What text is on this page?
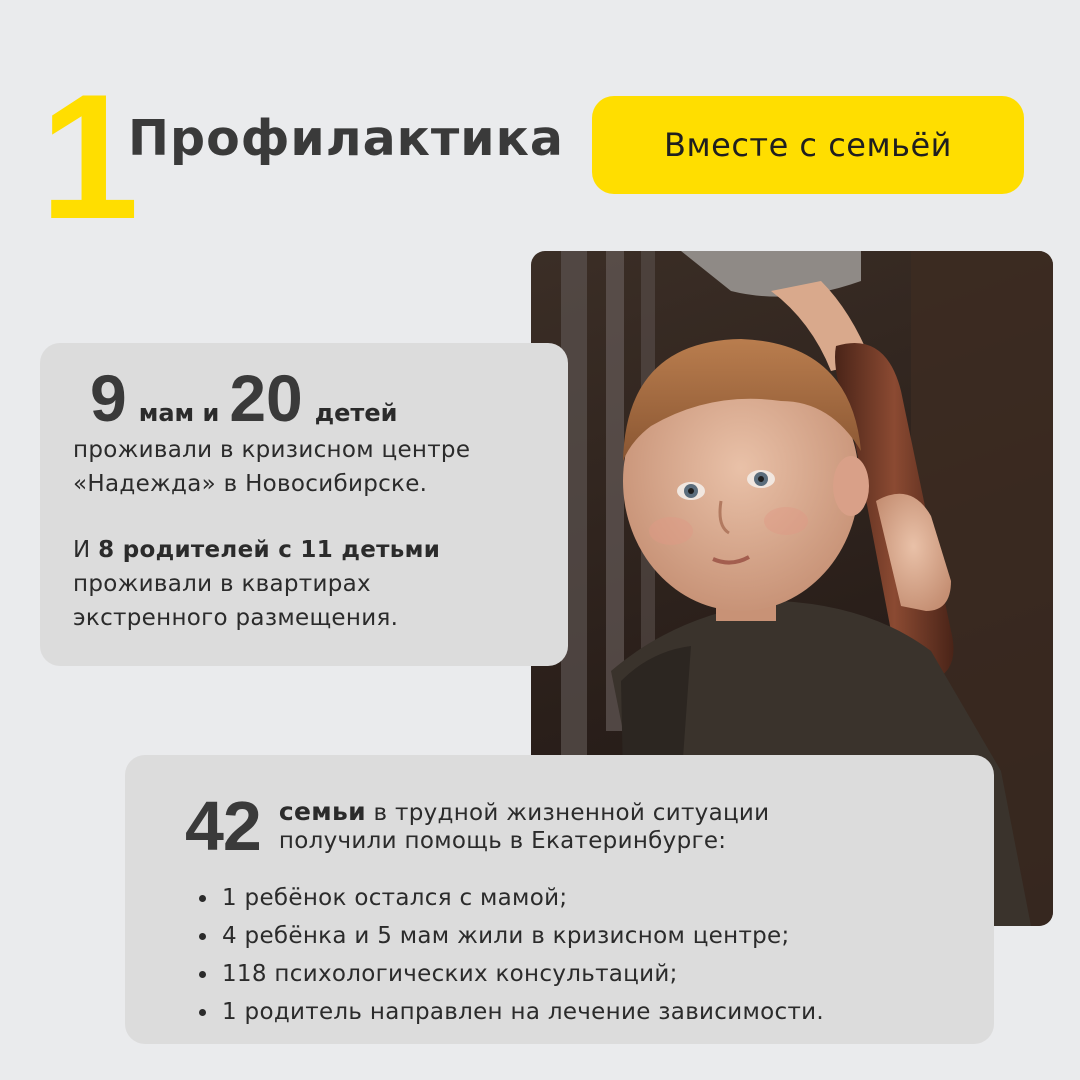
1
Профилактика	Вместе с семьёй
9 мам и 20 детей

проживали в кризисном центре

«Надежда» в Новосибирске.

И 8 родителей с 11 детьми

проживали в квартирах

экстренного размещения.

42 семьи в трудной жизненной ситуации
получили помощь в Екатеринбурге:
1 ребёнок остался с мамой;
4 ребёнка и 5 мам жили в кризисном центре;
118 психологических консультаций;
1 родитель направлен на лечение зависимости.
